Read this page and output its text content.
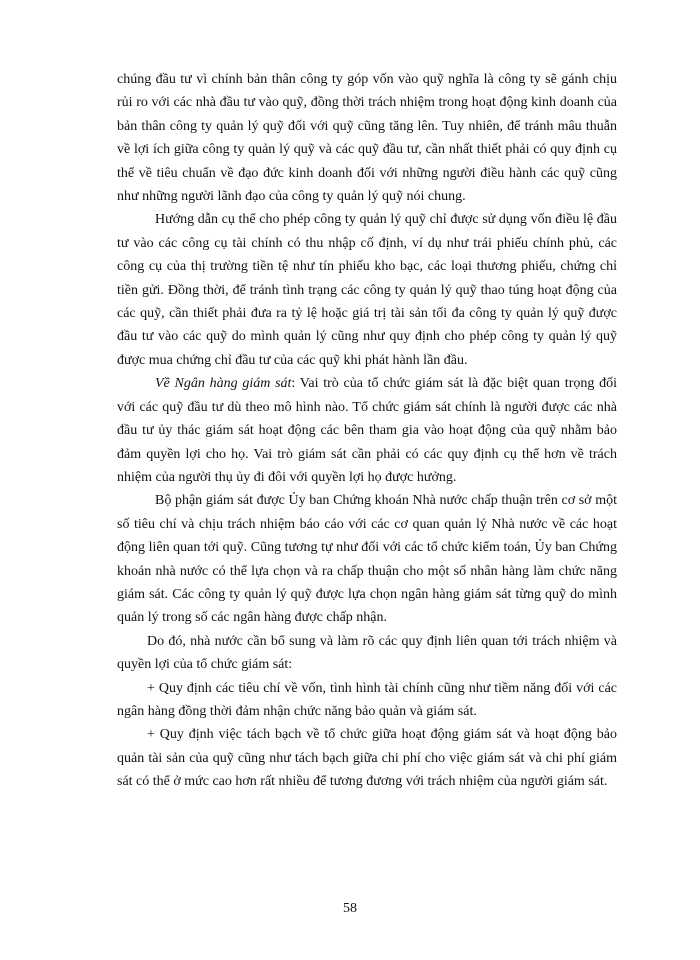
chúng đầu tư vì chính bản thân công ty góp vốn vào quỹ nghĩa là công ty sẽ gánh chịu rủi ro với các nhà đầu tư vào quỹ, đồng thời trách nhiệm trong hoạt động kinh doanh của bản thân công ty quản lý quỹ đối với quỹ cũng tăng lên. Tuy nhiên, để tránh mâu thuẫn về lợi ích giữa công ty quản lý quỹ và các quỹ đầu tư, cần nhất thiết phải có quy định cụ thể về tiêu chuẩn về đạo đức kinh doanh đối với những người điều hành các quỹ cũng như những người lãnh đạo của công ty quản lý quỹ nói chung.

Hướng dẫn cụ thể cho phép công ty quản lý quỹ chỉ được sử dụng vốn điều lệ đầu tư vào các công cụ tài chính có thu nhập cố định, ví dụ như trái phiếu chính phủ, các công cụ của thị trường tiền tệ như tín phiếu kho bạc, các loại thương phiếu, chứng chỉ tiền gửi. Đồng thời, để tránh tình trạng các công ty quản lý quỹ thao túng hoạt động của các quỹ, cần thiết phải đưa ra tỷ lệ hoặc giá trị tài sản tối đa công ty quản lý quỹ được đầu tư vào các quỹ do mình quản lý cũng như quy định cho phép công ty quản lý quỹ được mua chứng chỉ đầu tư của các quỹ khi phát hành lần đầu.

Về Ngân hàng giám sát: Vai trò của tổ chức giám sát là đặc biệt quan trọng đối với các quỹ đầu tư dù theo mô hình nào. Tổ chức giám sát chính là người được các nhà đầu tư ủy thác giám sát hoạt động các bên tham gia vào hoạt động của quỹ nhằm bảo đảm quyền lợi cho họ. Vai trò giám sát cần phải có các quy định cụ thể hơn về trách nhiệm của người thụ ủy đi đôi với quyền lợi họ được hưởng.

Bộ phận giám sát được Ủy ban Chứng khoán Nhà nước chấp thuận trên cơ sở một số tiêu chí và chịu trách nhiệm báo cáo với các cơ quan quản lý Nhà nước về các hoạt động liên quan tới quỹ. Cũng tương tự như đối với các tổ chức kiểm toán, Ủy ban Chứng khoán nhà nước có thể lựa chọn và ra chấp thuận cho một số nhân hàng làm chức năng giám sát. Các công ty quản lý quỹ được lựa chọn ngân hàng giám sát từng quỹ do mình quản lý trong số các ngân hàng được chấp nhận.

Do đó, nhà nước cần bổ sung và làm rõ các quy định liên quan tới trách nhiệm và quyền lợi của tổ chức giám sát:

+ Quy định các tiêu chí về vốn, tình hình tài chính cũng như tiềm năng đối với các ngân hàng đồng thời đảm nhận chức năng bảo quản và giám sát.

+ Quy định việc tách bạch về tổ chức giữa hoạt động giám sát và hoạt động bảo quản tài sản của quỹ cũng như tách bạch giữa chi phí cho việc giám sát và chi phí giám sát có thể ở mức cao hơn rất nhiều để tương đương với trách nhiệm của người giám sát.

58
